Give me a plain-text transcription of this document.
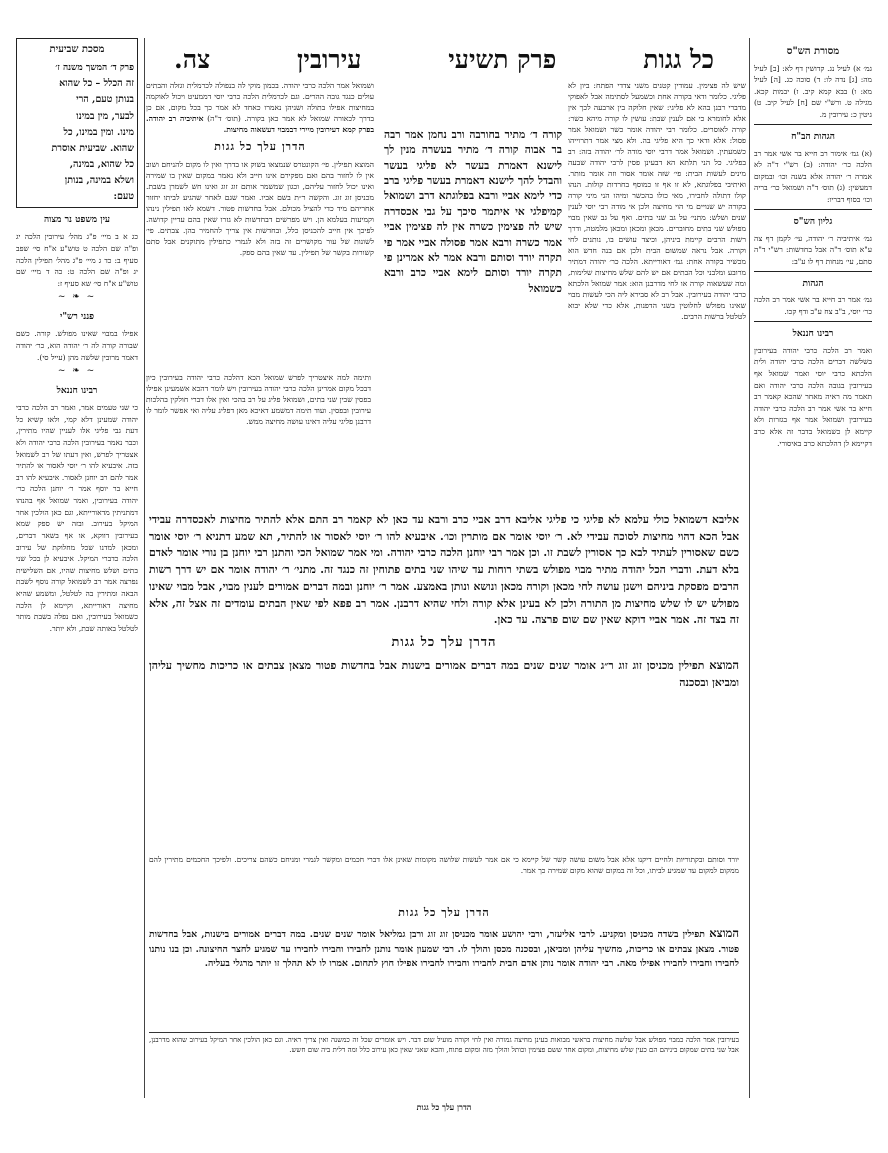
כל גגות
פרק תשיעי
עירובין
צה.	מסורת הש"ס
גמ׳ א) לעיל נג. קדושין דף לא: [ב] לעיל מה: [ג] נדה לו: ד) סוכה כג. [ה] לעיל מא: ו) בבא קמא קיב. ז) יבמות קכא. מגילה ט. ורש"י שם [ח] לעיל קיב. ט) גיטין כ: עירובין מ.
הגהות הב"ח
(א) גמ׳ אימור רב חייא בר אשי אמר רב הלכה כר׳ יהודה: (ב) רש"י ד"ה לא אמרה ר׳ יהודה אלא בשנה וכו׳ ובמקום דמעשין: (ג) תוס׳ ד"ה ושמואל כר׳ בריה וכו׳ בסוף דבריו:
גליון הש"ס
גמ׳ איתיביה ר׳ יהודה, עי׳ לקמן דף צה ע"א תוס׳ ד"ה אבל בחדשות: רש"י ד"ה סתם, עי׳ מנחות דף לו ע"ב:
הגהות
גמ׳ אמר רב חייא בר אשי אמר רב הלכה כר׳ יוסי, ב"ב צח ע"ב ודף קכו.
רבינו חננאל
ואמר רב הלכה כרבי יהודה בעירובין בשלשה דברים הלכה כרבי יהודה ולית הלכתא כרבי יוסי ואמר שמואל אף בעירובין בגובה הלכה כרבי יהודה ואם תאמר מה ראיה מאחר שהכא קאמר רב חייא בר אשי אמר רב הלכה כרבי יהודה בעירובין ושמואל אמר אף בגזרות ולא קיימא לן כשמואל בדבר זה אלא כרב דקיימא לן דהלכתא כרב באיסורי.
מסכת שביעית
פרק ד׳ המשך משנה ז׳
זה הכלל – כל שהוא
בנותן טעם, הרי
לבער, מין במינו
מינו. ומין במינו, כל
שהוא. שביעית אוסרת
כל שהוא, במינה,
ושלא במינה, בנותן
טעם:
עין משפט נר מצוה
כג א ב מיי׳ פ"ג מהל׳ עירובין הלכה יג ופ"ה שם הלכה ט טוש"ע א"ח סי׳ שפב סעיף ב: כד ג מיי׳ פ"ג מהל׳ תפילין הלכה יג ופ"ה שם הלכה ט: כה ד מיי׳ שם טוש"ע א"ח סי׳ שא סעיף ז:
~ ❧ ~
פנני רש"י
אפילו במבוי שאינו מפולש. קורה. כשם שבורה קורה לה ר׳ יהודה הוא, כר׳ יהודה דאמר מרובין שלשה מהן (עייל סי).
~ ❧ ~
רבינו חננאל
כי שני טעמים אמר, ואמר רב הלכה כרבי יהודה שמעינן דלא קמי, ולאו קשיא כל דעת גבי פליגי אלו לעניין שהיו מתירין, וכבר נאמר בעירובין הלכה כרבי יהודה ולא אצטריך לפרש, ואין דעתו של רב לשמואל בזה. איבעיא להו ר׳ יוסי לאסור או להתיר אמר להם רב יוחנן לאסור. איבעיא להו רב חייא בר יוסף אמר ר׳ יוחנן הלכה כר׳ יהודה בעירובין, ואמר שמואל אף בהנהו דמתניתין מדאורייתא, וגם כאן הולכין אחר המיקל בעירוב. ובזה יש ספק שמא בעירובין דווקא, או אף בשאר דברים, ומכאן למדנו שכל מחלוקת של עירוב הלכה כדברי המיקל. איבעיא לן בכל שני בתים ושלש מחיצות שהיו, אם השלישית נפרצה אמר רב לשמואל קורה נוסף לשבת הבאה ומתירין בה לטלטל, ומשמע שהיא מחיצה דאורייתא, וקיימא לן הלכה כשמואל בעירובין, ואם נפלה בשבת מותר לטלטל באותה שבת, ולא יותר.
שיש לה פצימין. עמודין קטנים משני צדדי הפתח: ביון לא פליגי. כלומר ודאי בקורה אחת וכשמעל לסתימה אבל לאפוקי מדברי רבנן בהא לא פליגי: שאין חלוקה בין ארבעה לכך אין אלא לחומרא כי אם לענין שבת: עושין לו קורה מיהא כשר: קורה לאוסרים. כלומר רבי יהודה אומר כשר ושמואל אמר פסול: אלא ודאי כך היא פליגי בה. ולא מצי אמר דתרוייהו כשמעתין. ושמואל אמר דרבי יוסי מודה לר׳ יהודה בזה: רב בפליגי. כל הני תלתא הא דבעינן פסין לרבי יהודה שבעה מינים לעשות הבית: פי׳ שזה אומר אסור וזה אומר מותר. ואיתיבי בפלוגתא, לא זו אף זו כמוסף בחרדות קולות. הנהו קולו דתולה לחבירו, מאי כולו בהכשר ומיהו הני מיני קורה בקורה יש שנויים מי הוי מחיצה ולכן אי מודה רבי יוסי לענין שנים ושלש: מתני׳ על גב שני בתים. ואף על גב שאין מבוי מפולש שני בתים מחוברים. מכאן ומכאן ומכאן מלמטה, ודרך רשות הרבים קיימת ביניהן, וכיצד עושים בו, נותנים לחי וקורה. אבל נראה שמשום הבית ולכן אם בנה חדש הוא מכשיר בקורה אחת: גמ׳ דאורייתא. הלכה כר׳ יהודה דמתיר מרובע ומלבני וכל הבתים אם יש להם שלש מחיצות שלימות, ומה שעשאוה קורה או לחי מדרבנן הוא: אמר שמואל הלכתא כרבי יהודה בעירובין. אבל רב לא סבירא ליה הכי לעשות מבוי שאינו מפולש לחלוטין בשני הדפנות, אלא כדי שלא יבוא לטלטל ברשות הרבים.
ושמואל אמר הלכה כרבי יהודה. בכמון מוקי לה בנפולה לכרמלית וגזלה והבתים עולים כנגד גובה ההרים. וגם לכרמלית הלכה כרבי יוסי דממעיט ויכול לאוקמה במחיצות אפילו בתולה ושניהן נאמרו כאחד לא אמר כך בכל מקום, אם כן בדרך לכאורה שמואל לא אמר כאן בקורה. (תוס׳ ד"ה) איתיביה רב יהודה. בפרק קמא דעירובין מיירי דבמבוי דעשאוה מחיצות.
הדרן עלך כל גגות
המוצא תפילין. פי׳ הקונטרס שנמצאו בשוק או בדרך ואין לו מקום להניחם ושוב אין לו לחזור בהם ואם מפקירם אינו חייב ולא נאמר במקום שאין בו שמירה ואינו יכול לחזור עליהם, וכגון שמשמר אותם זוג זוג ואינו חש לשמרן בשבת. מכניסן זוג זוג. והקשה ר״ת בשם אביו. ואמר שגם לאחר שהגיע לביתו יחזור אחריהם מיד כדי להציל מכולם. אבל בחדשות פטור. דשמא לאו תפילין נינהו וקמיעות בעלמא הן. ויש מפרשים דבחדשות לא גזרו שאין בהם עדיין קדושה. לפיכך אין חייב להכניסן כלל, ובחדשות אין צריך להחמיר בהן. צבתים. פי׳ לשונות של עור מקושרים זה בזה ולא לגמרי כתפילין מתוקנים אבל סתם קשורות בקשר של תפילין. עד שאין בהם ספק.
ותימה למה איצטריך לפרש שמואל הכא דהלכה כרבי יהודה בעירובין כיון דבכל מקום אמרינן הלכה כרבי יהודה בעירובין ויש לומר דהכא אשמעינן אפילו בפסין שבין שני בתים, ושמואל פליג על רב בהכי ואין אלו דברי חולקין בהלכות עירובין ובפסין. ועוד תימה דמשמע דאיכא מאן דפליג עליה ואי אפשר לומר לו דרבנן פליגי עליה דאינו עושה מחיצה ממש.
קורה ד׳ מתיר בחורבה ורב נחמן אמר רבה בר אבוה קורה ד׳ מתיר בעשרה מנין לך לישנא דאמרת בעשר לא פליגי בעשר והבדל להך לישנא דאמרת בעשר פליגי ברב כדי לימא אביי ורבא בפלוגתא דרב ושמואל קמיפלגי אי איתמר סיכך על גבי אכסדרה שיש לה פצימין כשרה אין לה פצימין אביי אמר כשרה ורבא אמר פסולה אביי אמר פי תקרה יורד וסותם ורבא אמר לא אמרינן פי תקרה יורד וסותם לימא אביי כרב ורבא כשמואל
אליבא דשמואל כולי עלמא לא פליגי כי פליגי אליבא דרב אביי כרב ורבא עד כאן לא קאמר רב התם אלא להתיר מחיצות לאכסדרה עבידי אבל הכא דהוי מחיצות לסוכה עבידי לא. ר׳ יוסי אומר אם מותרין וכו׳. איבעיא להו ר׳ יוסי לאסור או להתיר, תא שמע דתניא ר׳ יוסי אומר כשם שאסורין לעתיד לבא כך אסורין לשבת זו. וכן אמר רבי יוחנן הלכה כרבי יהודה. ומי אמר שמואל הכי והתנן רבי יוחנן בן נורי אומר לאדם בלא דעת. ודברי הכל יהודה מתיר מבוי מפולש בשתי רוחות עד שיהו שני בתים פתוחין זה כנגד זה. מתני׳ ר׳ יהודה אומר אם יש דרך רשות הרבים מפסקת ביניהם וישנן עושה לחי מכאן וקורה מכאן ונושא ונותן באמצע. אמר ר׳ יוחנן ובמה דברים אמורים לענין מבוי, אבל מבוי שאינו מפולש יש לו שלש מחיצות מן התורה ולכן לא בעינן אלא קורה ולחי שהיא דרבנן. אמר רב פפא לפי שאין הבתים עומדים זה אצל זה, אלא זה בצד זה. אמר אביי דוקא שאין שם שום פרצה. עד כאן.
הדרן עלך כל גגות
המוצא תפילין מכניסן זוג זוג ר״ג אומר שנים שנים במה דברים אמורים בישנות אבל בחדשות פטור מצאן צבתים או כריכות מחשיך עליהן ומביאן ובסכנה
יורד וסותם ובקתוריות ולחיים דיקנו אלא אבל משום עושה קשר של קיימא כי אם אמר לעשות שלושה מקומות שאינן אלו דברי חכמים ומקשר לגמרי ומניחם כשהם צריכים. ולפיכך החכמים מתירין להם ממקום למקום עד שמגיע לביתו, וכל זה במקום שהוא מקום שמירה כך אמר.
הדרן עלך כל גגות
המוצא תפילין בשדה מכניסן ומקניע. לרבי אליעזר, ורבי יהושע אומר מכניסן זוג זוג ורבן גמליאל אומר שנים שנים. במה דברים אמורים בישנות, אבל בחדשות פטור. מצאן צבתים או כריכות, מחשיך עליהן ומביאן, ובסכנה מכסן והולך לו. רבי שמעון אומר נותנן לחבירו וחבירו לחבירו עד שמגיע לחצר החיצונה. וכן בנו נותנו לחבירו וחבירו לחבירו אפילו מאה. רבי יהודה אומר נותן אדם חבית לחבירו וחבירו לחבירו אפילו חוץ לתחום. אמרו לו לא תהלך זו יותר מרגלי בעליה.
בעירובין אמר הלכה כמבוי מפולש אבל שלשה מחיצות בראשי מבואות בעינן מחיצה גמורה ואין לחי וקורה מועיל שום דבר. ויש אומרים שכל זה כמשנה ואין צריך ראיה. וגם כאן הולכין אחר המיקל בעירוב שהוא מדרבנן, אבל שני בתים שמקום ביניהם הם כעין שלש מחיצות, ומקום אחד ששם פצימין וכותל והולך מזה ומקום פתוח, והכא שאני שאין כאן עירוב כלל ומה דלית ביה שום חשש.
הדרן עלך כל גגות
